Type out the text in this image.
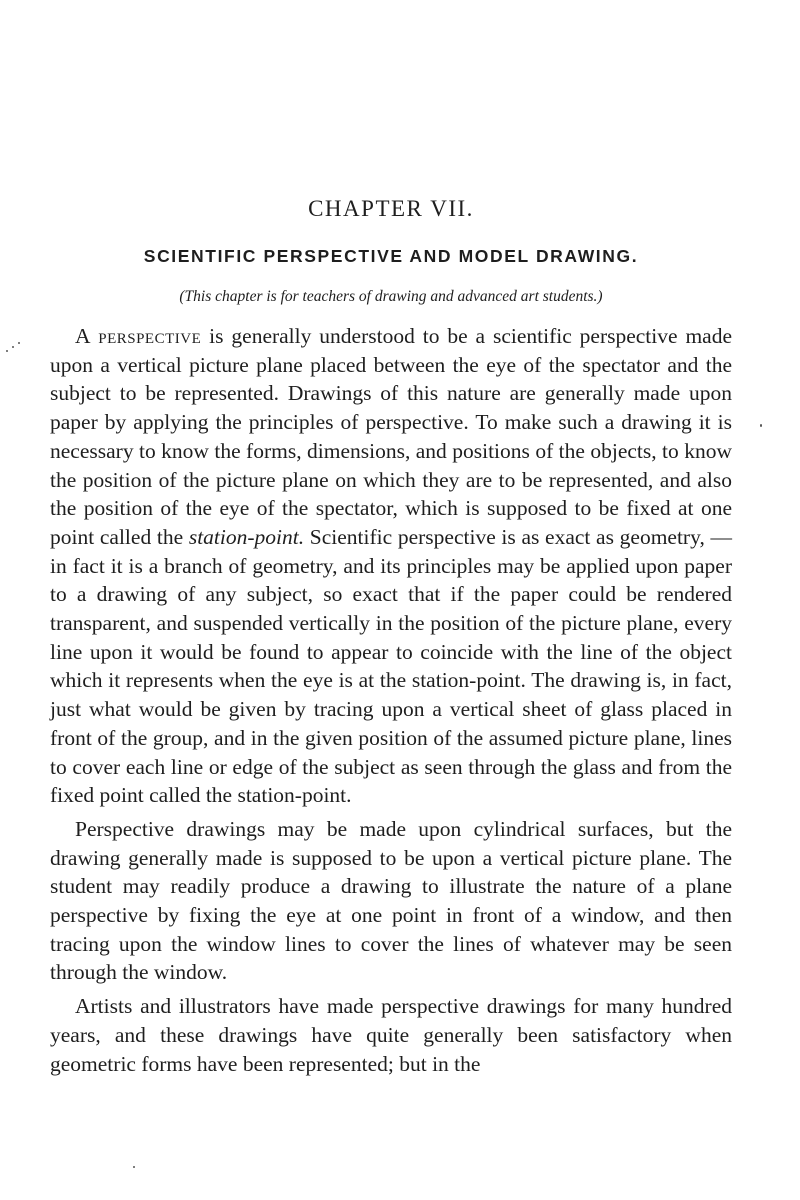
CHAPTER VII.
SCIENTIFIC PERSPECTIVE AND MODEL DRAWING.

(This chapter is for teachers of drawing and advanced art students.)

A perspective is generally understood to be a scientific perspective made upon a vertical picture plane placed between the eye of the spectator and the subject to be represented. Drawings of this nature are generally made upon paper by applying the principles of perspective. To make such a drawing it is necessary to know the forms, dimensions, and positions of the objects, to know the position of the picture plane on which they are to be represented, and also the position of the eye of the spectator, which is supposed to be fixed at one point called the station-point. Scientific perspective is as exact as geometry, — in fact it is a branch of geometry, and its principles may be applied upon paper to a drawing of any subject, so exact that if the paper could be rendered transparent, and suspended vertically in the position of the picture plane, every line upon it would be found to appear to coincide with the line of the object which it represents when the eye is at the station-point. The drawing is, in fact, just what would be given by tracing upon a vertical sheet of glass placed in front of the group, and in the given position of the assumed picture plane, lines to cover each line or edge of the subject as seen through the glass and from the fixed point called the station-point.

Perspective drawings may be made upon cylindrical surfaces, but the drawing generally made is supposed to be upon a vertical picture plane. The student may readily produce a drawing to illustrate the nature of a plane perspective by fixing the eye at one point in front of a window, and then tracing upon the window lines to cover the lines of whatever may be seen through the window.

Artists and illustrators have made perspective drawings for many hundred years, and these drawings have quite generally been satisfactory when geometric forms have been represented; but in the
